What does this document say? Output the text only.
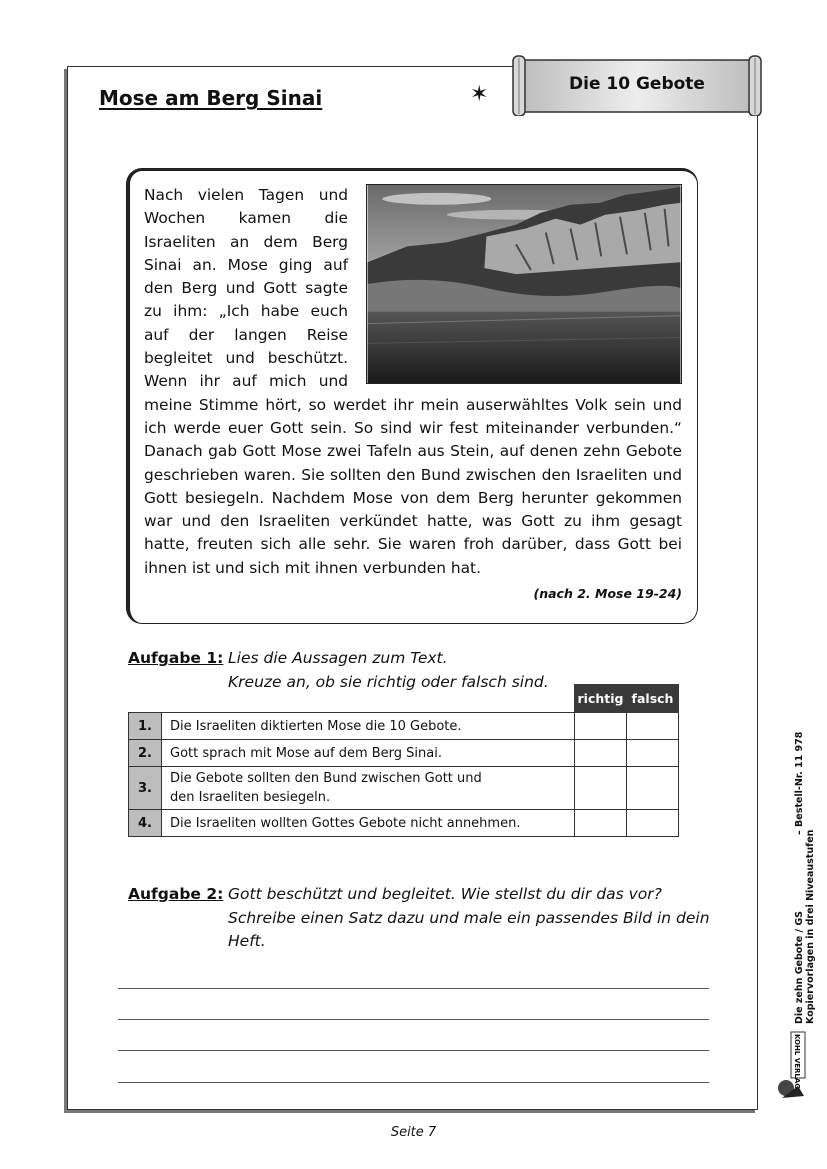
Mose am Berg Sinai	✶	Die 10 Gebote
Nach vielen Tagen und Wochen kamen die Israeliten an dem Berg Sinai an. Mose ging auf den Berg und Gott sagte zu ihm: „Ich habe euch auf der langen Reise begleitet und beschützt. Wenn ihr auf mich und meine Stimme hört, so werdet ihr mein auserwähltes Volk sein und ich werde euer Gott sein. So sind wir fest miteinander verbunden.“ Danach gab Gott Mose zwei Tafeln aus Stein, auf denen zehn Gebote geschrieben waren. Sie sollten den Bund zwischen den Israeliten und Gott besiegeln. Nachdem Mose von dem Berg herunter gekommen war und den Israeliten verkündet hatte, was Gott zu ihm gesagt hatte, freuten sich alle sehr. Sie waren froh darüber, dass Gott bei ihnen ist und sich mit ihnen verbunden hat.
(nach 2. Mose 19-24)
Aufgabe 1: Lies die Aussagen zum Text.
Kreuze an, ob sie richtig oder falsch sind.
		richtig	falsch
1.	Die Israeliten diktierten Mose die 10 Gebote.		
2.	Gott sprach mit Mose auf dem Berg Sinai.		
3.	Die Gebote sollten den Bund zwischen Gott und
den Israeliten besiegeln.		

4.	Die Israeliten wollten Gottes Gebote nicht annehmen.		
Aufgabe 2: Gott beschützt und begleitet. Wie stellst du dir das vor?
Schreibe einen Satz dazu und male ein passendes Bild in dein
Heft.
Seite 7
Die zehn Gebote / GS Kopiervorlagen in drei Niveaustufen
– Bestell-Nr. 11 978
KOHL VERLAG
